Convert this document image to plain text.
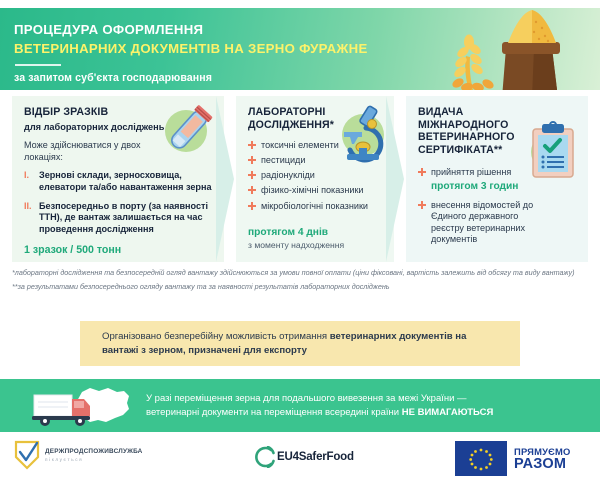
ПРОЦЕДУРА ОФОРМЛЕННЯ
ВЕТЕРИНАРНИХ ДОКУМЕНТІВ НА ЗЕРНО ФУРАЖНЕ
за запитом суб'єкта господарювання
ВІДБІР ЗРАЗКІВ
для лабораторних досліджень
Може здійснюватися у двох локаціях:
I. Зернові склади, зерносховища, елеватори та/або навантаження зерна
II. Безпосередньо в порту (за наявності ТТН), де вантаж залишається на час проведення дослідження
1 зразок / 500 тонн
ЛАБОРАТОРНІ ДОСЛІДЖЕННЯ*
токсичні елементи
пестициди
радіонукліди
фізико-хімічні показники
мікробіологічні показники
протягом 4 днів
з моменту надходження
ВИДАЧА МІЖНАРОДНОГО ВЕТЕРИНАРНОГО СЕРТИФІКАТА**
прийняття рішення
протягом 3 годин
внесення відомостей до Єдиного державного реєстру ветеринарних документів
*лабораторні дослідження та безпосередній огляд вантажу здійснюються за умови повної оплати (ціни фіксовані, вартість залежить від обсягу та виду вантажу)
**за результатами безпосереднього огляду вантажу та за наявності результатів лабораторних досліджень
Організовано безперебійну можливість отримання ветеринарних документів на вантажі з зерном, призначені для експорту
У разі переміщення зерна для подальшого вивезення за межі України —
ветеринарні документи на переміщення всередині країни НЕ ВИМАГАЮТЬСЯ
ДЕРЖПРОДСПОЖИВСЛУЖБА
піклується	EU4SaferFood	ПРЯМУЄМО
РАЗОМ
